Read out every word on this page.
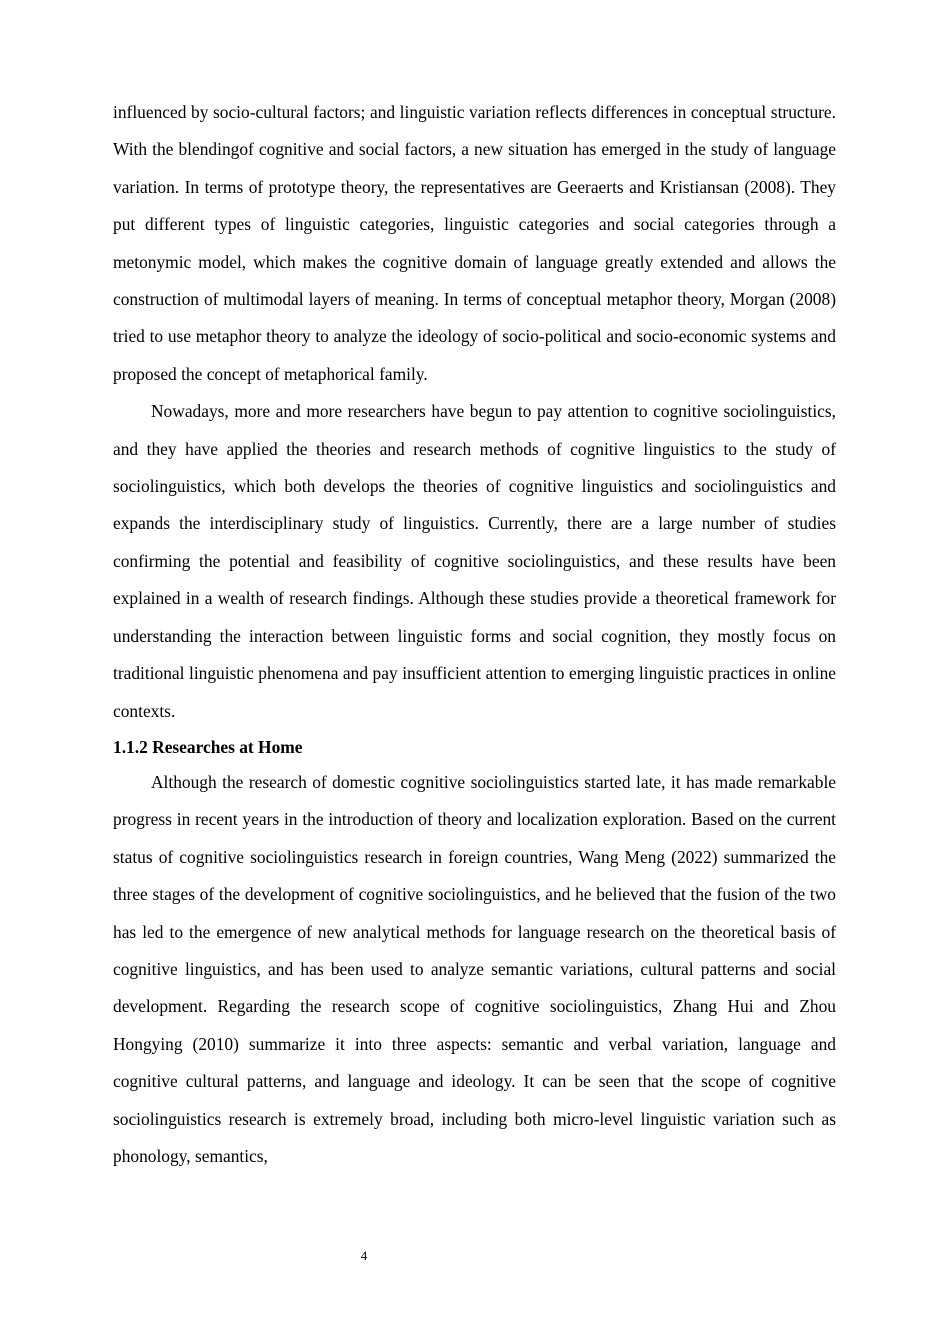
influenced by socio-cultural factors; and linguistic variation reflects differences in conceptual structure. With the blendingof cognitive and social factors, a new situation has emerged in the study of language variation. In terms of prototype theory, the representatives are Geeraerts and Kristiansan (2008). They put different types of linguistic categories, linguistic categories and social categories through a metonymic model, which makes the cognitive domain of language greatly extended and allows the construction of multimodal layers of meaning. In terms of conceptual metaphor theory, Morgan (2008) tried to use metaphor theory to analyze the ideology of socio-political and socio-economic systems and proposed the concept of metaphorical family.

Nowadays, more and more researchers have begun to pay attention to cognitive sociolinguistics, and they have applied the theories and research methods of cognitive linguistics to the study of sociolinguistics, which both develops the theories of cognitive linguistics and sociolinguistics and expands the interdisciplinary study of linguistics. Currently, there are a large number of studies confirming the potential and feasibility of cognitive sociolinguistics, and these results have been explained in a wealth of research findings. Although these studies provide a theoretical framework for understanding the interaction between linguistic forms and social cognition, they mostly focus on traditional linguistic phenomena and pay insufficient attention to emerging linguistic practices in online contexts.

1.1.2 Researches at Home

Although the research of domestic cognitive sociolinguistics started late, it has made remarkable progress in recent years in the introduction of theory and localization exploration. Based on the current status of cognitive sociolinguistics research in foreign countries, Wang Meng (2022) summarized the three stages of the development of cognitive sociolinguistics, and he believed that the fusion of the two has led to the emergence of new analytical methods for language research on the theoretical basis of cognitive linguistics, and has been used to analyze semantic variations, cultural patterns and social development. Regarding the research scope of cognitive sociolinguistics, Zhang Hui and Zhou Hongying (2010) summarize it into three aspects: semantic and verbal variation, language and cognitive cultural patterns, and language and ideology. It can be seen that the scope of cognitive sociolinguistics research is extremely broad, including both micro-level linguistic variation such as phonology, semantics,

4
